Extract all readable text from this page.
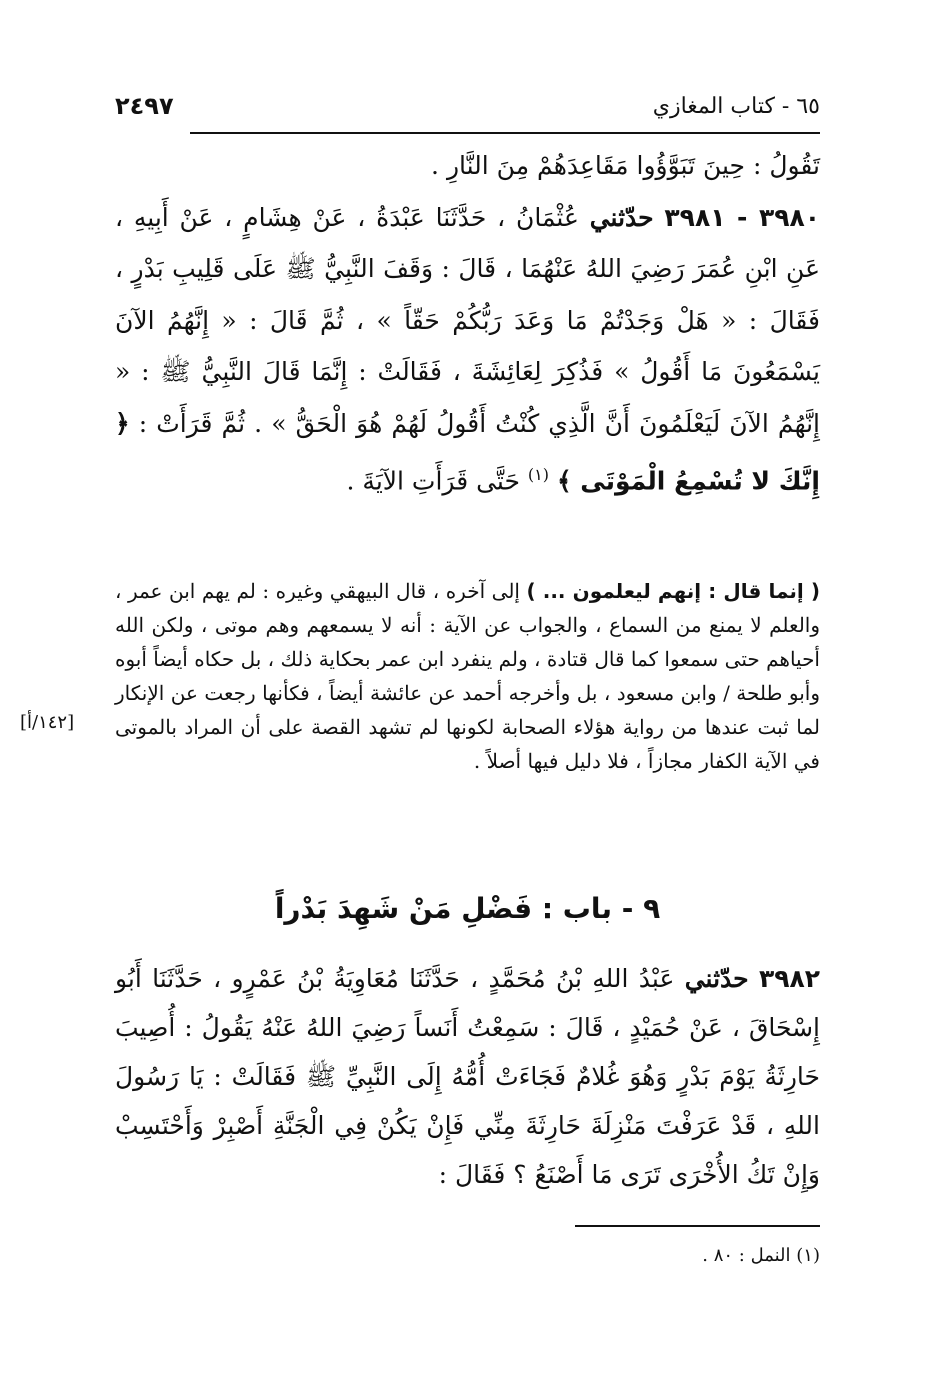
٦٥ - كتاب المغازي
٢٤٩٧

تَقُولُ : حِينَ تَبَوَّؤُوا مَقَاعِدَهُمْ مِنَ النَّارِ .

٣٩٨٠ - ٣٩٨١ حدّثني عُثْمَانُ ، حَدَّثَنَا عَبْدَةُ ، عَنْ هِشَامٍ ، عَنْ أَبِيهِ ، عَنِ ابْنِ عُمَرَ رَضِيَ اللهُ عَنْهُمَا ، قَالَ : وَقَفَ النَّبِيُّ ﷺ عَلَى قَلِيبِ بَدْرٍ ، فَقَالَ : « هَلْ وَجَدْتُمْ مَا وَعَدَ رَبُّكُمْ حَقّاً » ، ثُمَّ قَالَ : « إِنَّهُمُ الآنَ يَسْمَعُونَ مَا أَقُولُ » فَذُكِرَ لِعَائِشَةَ ، فَقَالَتْ : إِنَّمَا قَالَ النَّبِيُّ ﷺ : « إِنَّهُمُ الآنَ لَيَعْلَمُونَ أَنَّ الَّذِي كُنْتُ أَقُولُ لَهُمْ هُوَ الْحَقُّ » . ثُمَّ قَرَأَتْ : ﴿ إِنَّكَ لا تُسْمِعُ الْمَوْتَى ﴾ $^{(١)}$ حَتَّى قَرَأَتِ الآيَةَ .

( إنما قال : إنهم ليعلمون ... ) إلى آخره ، قال البيهقي وغيره : لم يهم ابن عمر ، والعلم لا يمنع من السماع ، والجواب عن الآية : أنه لا يسمعهم وهم موتى ، ولكن الله أحياهم حتى سمعوا كما قال قتادة ، ولم ينفرد ابن عمر بحكاية ذلك ، بل حكاه أيضاً أبوه وأبو طلحة / وابن مسعود ، بل وأخرجه أحمد عن عائشة أيضاً ، فكأنها رجعت عن الإنكار لما ثبت عندها من رواية هؤلاء الصحابة لكونها لم تشهد القصة على أن المراد بالموتى في الآية الكفار مجازاً ، فلا دليل فيها أصلاً .

[١٤٢/أ]
٩ - باب : فَضْلِ مَنْ شَهِدَ بَدْراً

٣٩٨٢ حدّثني عَبْدُ اللهِ بْنُ مُحَمَّدٍ ، حَدَّثَنَا مُعَاوِيَةُ بْنُ عَمْرٍو ، حَدَّثَنَا أَبُو إِسْحَاقَ ، عَنْ حُمَيْدٍ ، قَالَ : سَمِعْتُ أَنَساً رَضِيَ اللهُ عَنْهُ يَقُولُ : أُصِيبَ حَارِثَةُ يَوْمَ بَدْرٍ وَهُوَ غُلامٌ فَجَاءَتْ أُمُّهُ إِلَى النَّبِيِّ ﷺ فَقَالَتْ : يَا رَسُولَ اللهِ ، قَدْ عَرَفْتَ مَنْزِلَةَ حَارِثَةَ مِنِّي فَإِنْ يَكُنْ فِي الْجَنَّةِ أَصْبِرْ وَأَحْتَسِبْ وَإِنْ تَكُ الأُخْرَى تَرَى مَا أَصْنَعُ ؟ فَقَالَ :

(١) النمل : ٨٠ .
